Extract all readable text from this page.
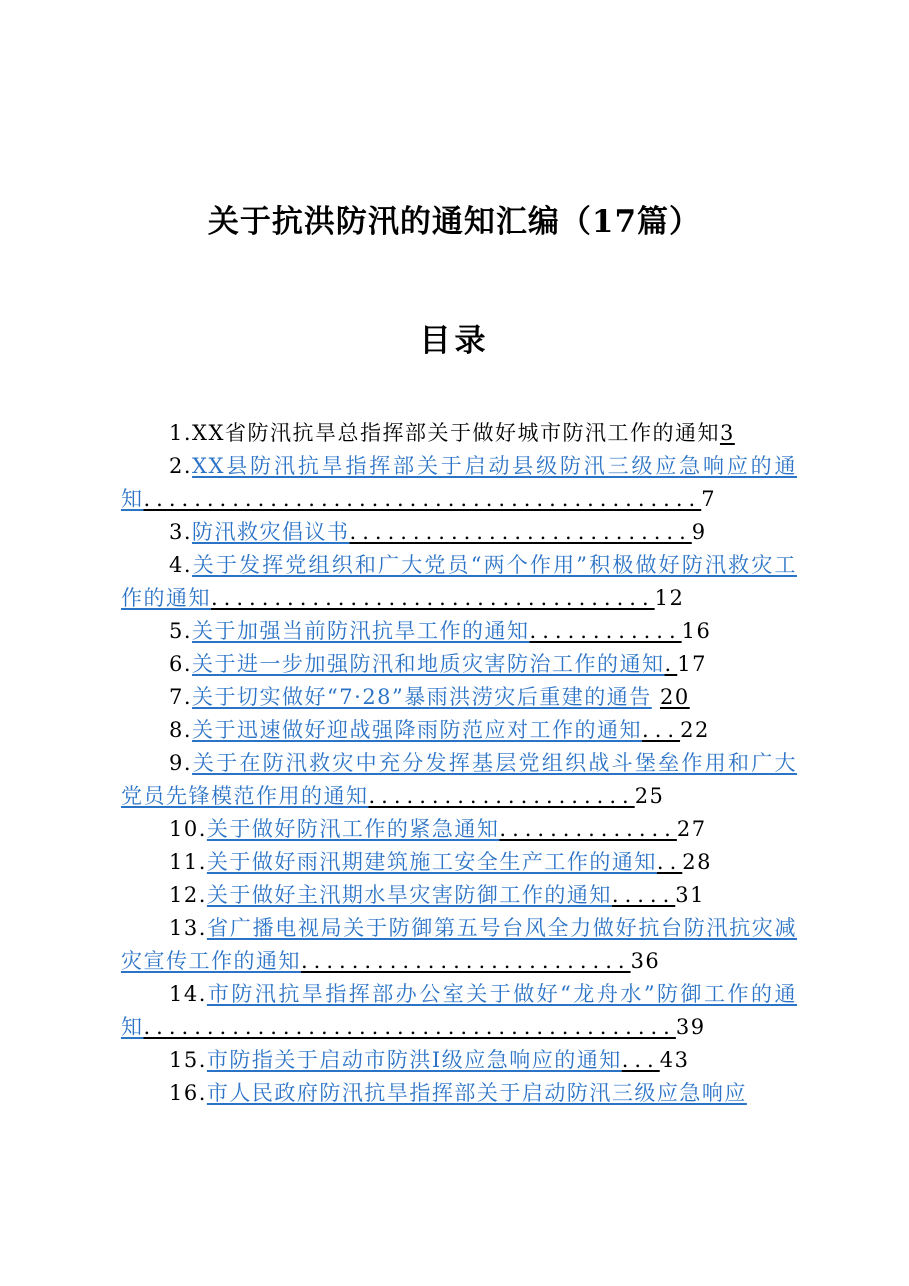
关于抗洪防汛的通知汇编（17篇）
目录
1.XX省防汛抗旱总指挥部关于做好城市防汛工作的通知3
2.XX县防汛抗旱指挥部关于启动县级防汛三级应急响应的通知............................................7
3.防汛救灾倡议书...........................9
4.关于发挥党组织和广大党员“两个作用”积极做好防汛救灾工作的通知...................................12
5.关于加强当前防汛抗旱工作的通知............16
6.关于进一步加强防汛和地质灾害防治工作的通知.17
7.关于切实做好“7·28”暴雨洪涝灾后重建的通告 20
8.关于迅速做好迎战强降雨防范应对工作的通知...22
9.关于在防汛救灾中充分发挥基层党组织战斗堡垒作用和广大党员先锋模范作用的通知.....................25
10.关于做好防汛工作的紧急通知..............27
11.关于做好雨汛期建筑施工安全生产工作的通知..28
12.关于做好主汛期水旱灾害防御工作的通知.....31
13.省广播电视局关于防御第五号台风全力做好抗台防汛抗灾减灾宣传工作的通知..........................36
14.市防汛抗旱指挥部办公室关于做好“龙舟水”防御工作的通知..........................................39
15.市防指关于启动市防洪Ⅰ级应急响应的通知...43
16.市人民政府防汛抗旱指挥部关于启动防汛三级应急响应
